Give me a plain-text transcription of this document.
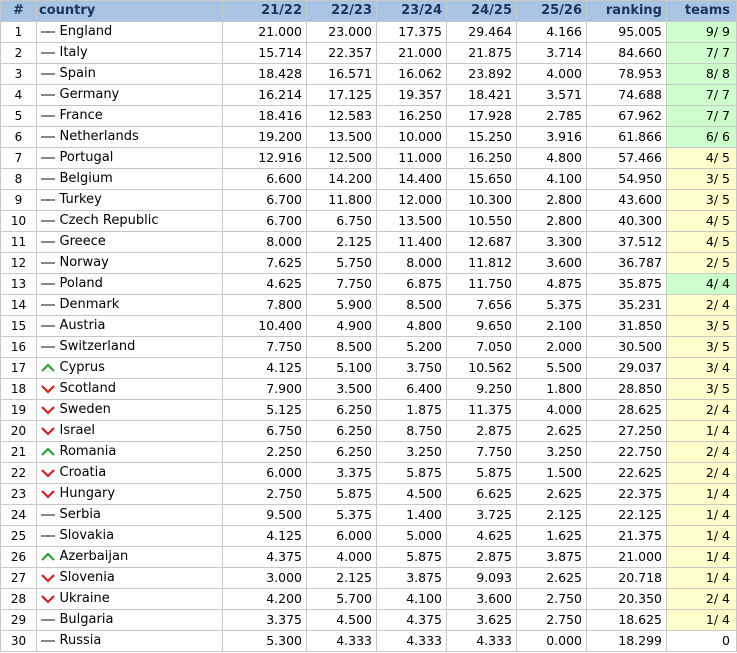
#	country		21/22	22/23	23/24	24/25	25/26	ranking	teams
1		England	21.000	23.000	17.375	29.464	4.166	95.005	9/ 9
2		Italy	15.714	22.357	21.000	21.875	3.714	84.660	7/ 7
3		Spain	18.428	16.571	16.062	23.892	4.000	78.953	8/ 8
4		Germany	16.214	17.125	19.357	18.421	3.571	74.688	7/ 7
5		France	18.416	12.583	16.250	17.928	2.785	67.962	7/ 7
6		Netherlands	19.200	13.500	10.000	15.250	3.916	61.866	6/ 6
7		Portugal	12.916	12.500	11.000	16.250	4.800	57.466	4/ 5
8		Belgium	6.600	14.200	14.400	15.650	4.100	54.950	3/ 5
9		Turkey	6.700	11.800	12.000	10.300	2.800	43.600	3/ 5
10		Czech Republic	6.700	6.750	13.500	10.550	2.800	40.300	4/ 5
11		Greece	8.000	2.125	11.400	12.687	3.300	37.512	4/ 5
12		Norway	7.625	5.750	8.000	11.812	3.600	36.787	2/ 5
13		Poland	4.625	7.750	6.875	11.750	4.875	35.875	4/ 4
14		Denmark	7.800	5.900	8.500	7.656	5.375	35.231	2/ 4
15		Austria	10.400	4.900	4.800	9.650	2.100	31.850	3/ 5
16		Switzerland	7.750	8.500	5.200	7.050	2.000	30.500	3/ 5
17		Cyprus	4.125	5.100	3.750	10.562	5.500	29.037	3/ 4
18		Scotland	7.900	3.500	6.400	9.250	1.800	28.850	3/ 5
19		Sweden	5.125	6.250	1.875	11.375	4.000	28.625	2/ 4
20		Israel	6.750	6.250	8.750	2.875	2.625	27.250	1/ 4
21		Romania	2.250	6.250	3.250	7.750	3.250	22.750	2/ 4
22		Croatia	6.000	3.375	5.875	5.875	1.500	22.625	2/ 4
23		Hungary	2.750	5.875	4.500	6.625	2.625	22.375	1/ 4
24		Serbia	9.500	5.375	1.400	3.725	2.125	22.125	1/ 4
25		Slovakia	4.125	6.000	5.000	4.625	1.625	21.375	1/ 4
26		Azerbaijan	4.375	4.000	5.875	2.875	3.875	21.000	1/ 4
27		Slovenia	3.000	2.125	3.875	9.093	2.625	20.718	1/ 4
28		Ukraine	4.200	5.700	4.100	3.600	2.750	20.350	2/ 4
29		Bulgaria	3.375	4.500	4.375	3.625	2.750	18.625	1/ 4
30		Russia	5.300	4.333	4.333	4.333	0.000	18.299	0
